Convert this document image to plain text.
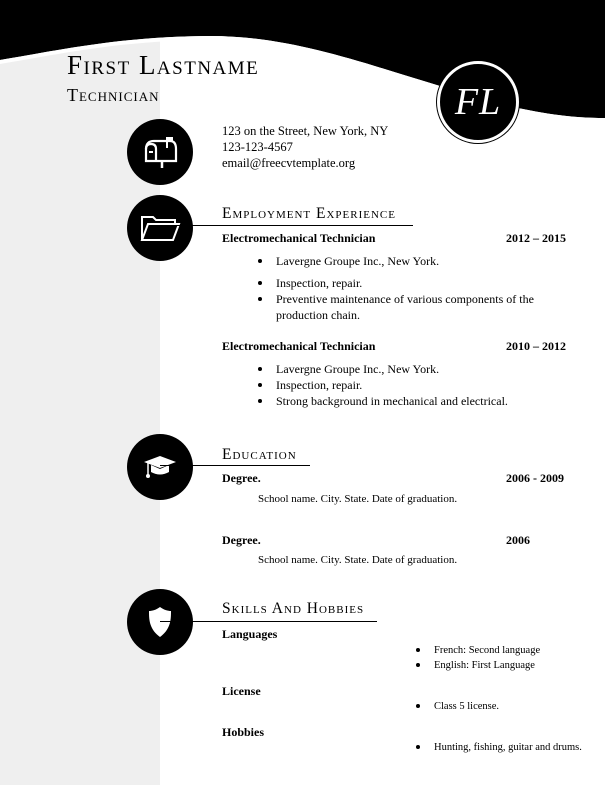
First Lastname
Technician	FL
123 on the Street, New York, NY
123-123-4567
email@freecvtemplate.org
Employment Experience
Electromechanical Technician	2012 – 2015
Lavergne Groupe Inc., New York.
Inspection, repair.
Preventive maintenance of various components of the
production chain.
Electromechanical Technician	2010 – 2012
Lavergne Groupe Inc., New York.
Inspection, repair.
Strong background in mechanical and electrical.
Education
Degree.	2006 - 2009
School name. City. State. Date of graduation.
Degree.	2006
School name. City. State. Date of graduation.
Skills And Hobbies
Languages
French: Second language
English: First Language
License
Class 5 license.
Hobbies
Hunting, fishing, guitar and drums.
